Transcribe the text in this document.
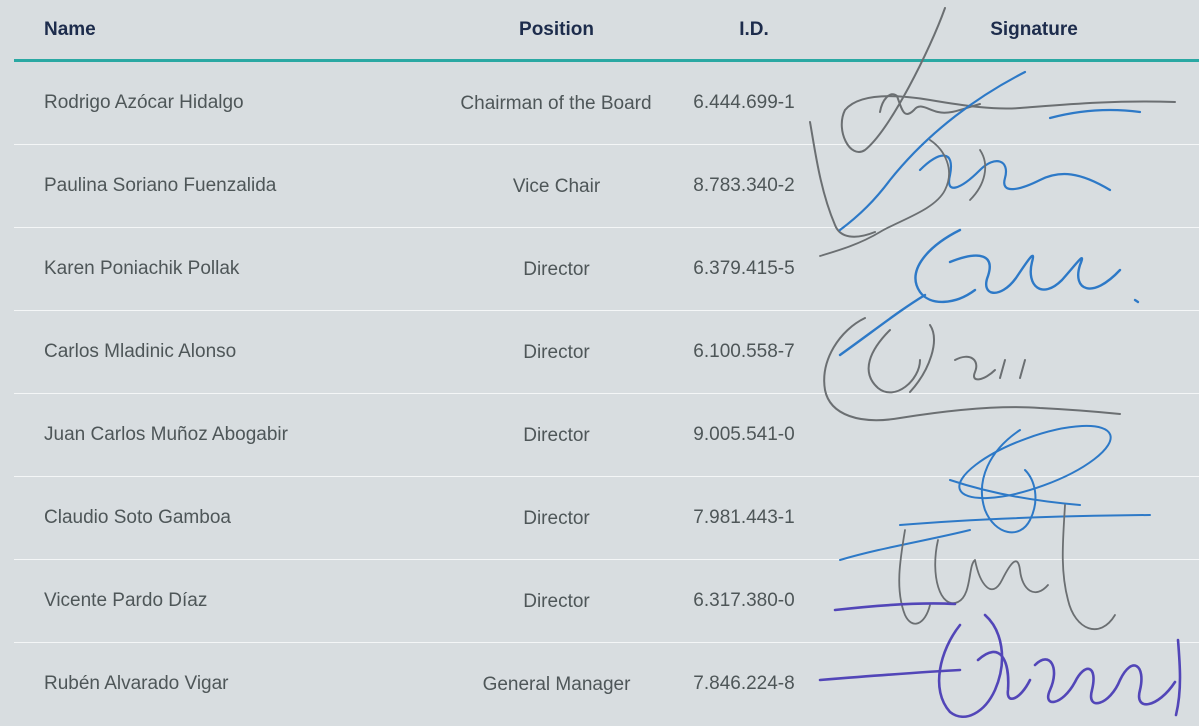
Name	Position	I.D.	Signature
Rodrigo Azócar Hidalgo	Chairman of the Board	6.444.699-1
Paulina Soriano Fuenzalida	Vice Chair	8.783.340-2
Karen Poniachik Pollak	Director	6.379.415-5
Carlos Mladinic Alonso	Director	6.100.558-7
Juan Carlos Muñoz Abogabir	Director	9.005.541-0
Claudio Soto Gamboa	Director	7.981.443-1
Vicente Pardo Díaz	Director	6.317.380-0
Rubén Alvarado Vigar	General Manager	7.846.224-8
